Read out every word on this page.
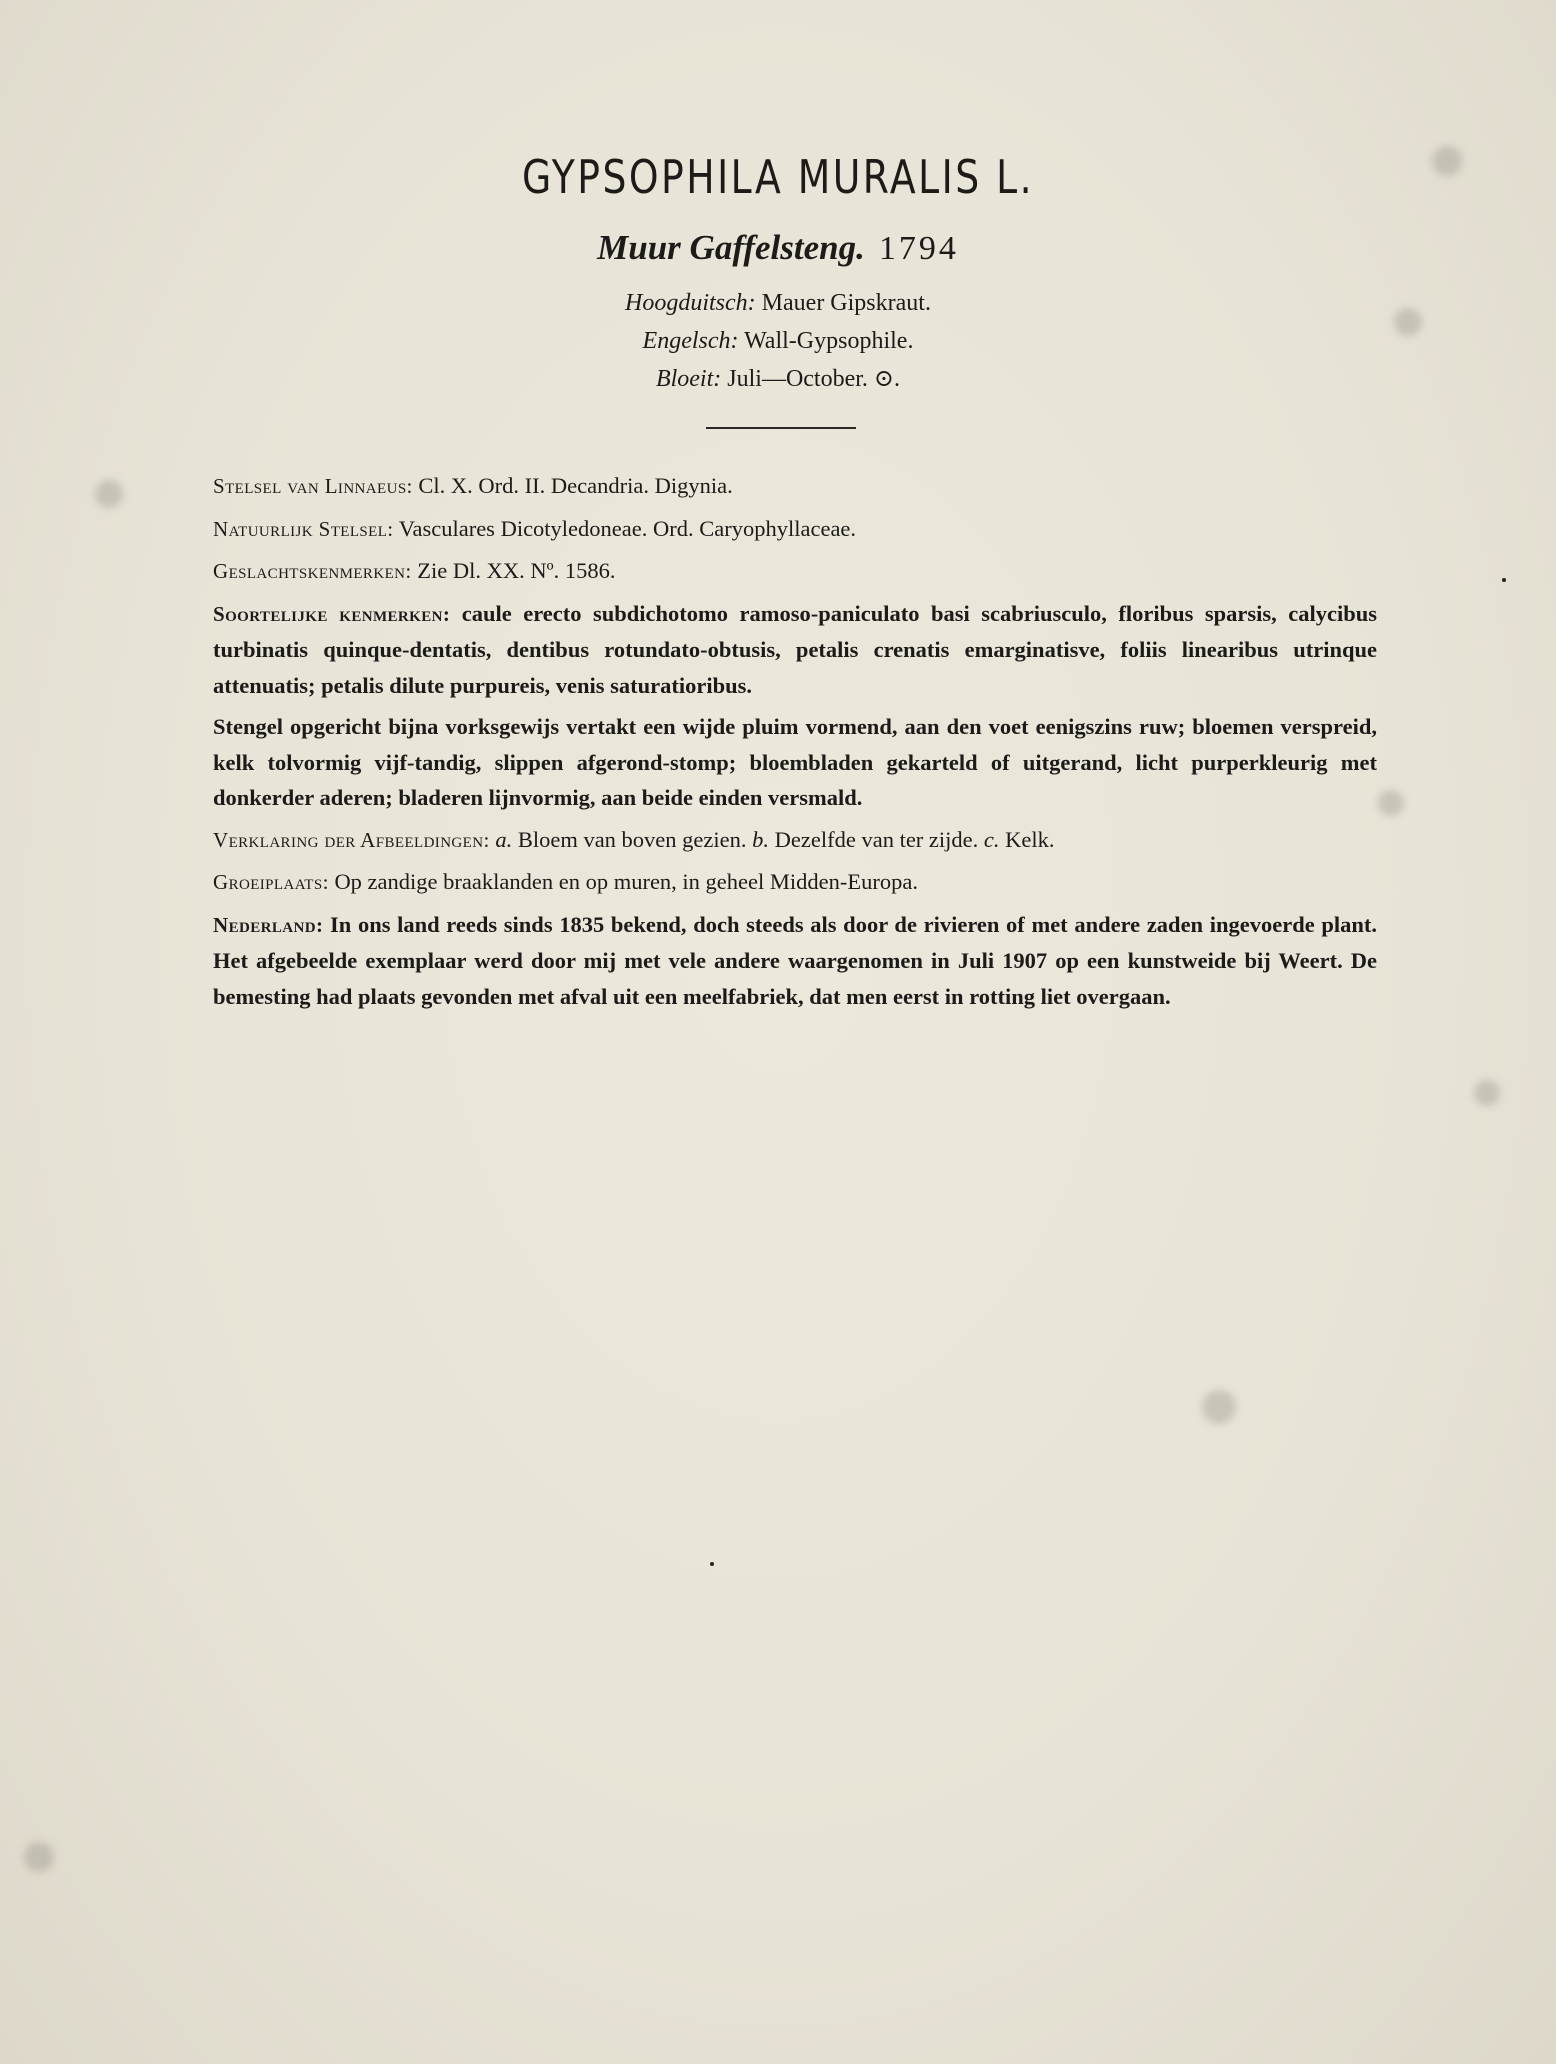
GYPSOPHILA MURALIS L.
Muur Gaffelsteng. 1794
Hoogduitsch: Mauer Gipskraut.
Engelsch: Wall-Gypsophile.
Bloeit: Juli—October. ⊙.

Stelsel van Linnaeus: Cl. X. Ord. II. Decandria. Digynia.

Natuurlijk Stelsel: Vasculares Dicotyledoneae. Ord. Caryophyllaceae.

Geslachtskenmerken: Zie Dl. XX. Nº. 1586.

Soortelijke kenmerken: caule erecto subdichotomo ramoso-paniculato basi scabriusculo, floribus sparsis, calycibus turbinatis quinque-dentatis, dentibus rotundato-obtusis, petalis crenatis emarginatisve, foliis linearibus utrinque attenuatis; petalis dilute purpureis, venis saturatioribus.

Stengel opgericht bijna vorksgewijs vertakt een wijde pluim vormend, aan den voet eenigszins ruw; bloemen verspreid, kelk tolvormig vijf-tandig, slippen afgerond-stomp; bloembladen gekarteld of uitgerand, licht purperkleurig met donkerder aderen; bladeren lijnvormig, aan beide einden versmald.

Verklaring der Afbeeldingen: a. Bloem van boven gezien. b. Dezelfde van ter zijde. c. Kelk.

Groeiplaats: Op zandige braaklanden en op muren, in geheel Midden-Europa.

Nederland: In ons land reeds sinds 1835 bekend, doch steeds als door de rivieren of met andere zaden ingevoerde plant. Het afgebeelde exemplaar werd door mij met vele andere waargenomen in Juli 1907 op een kunstweide bij Weert. De bemesting had plaats gevonden met afval uit een meelfabriek, dat men eerst in rotting liet overgaan.
